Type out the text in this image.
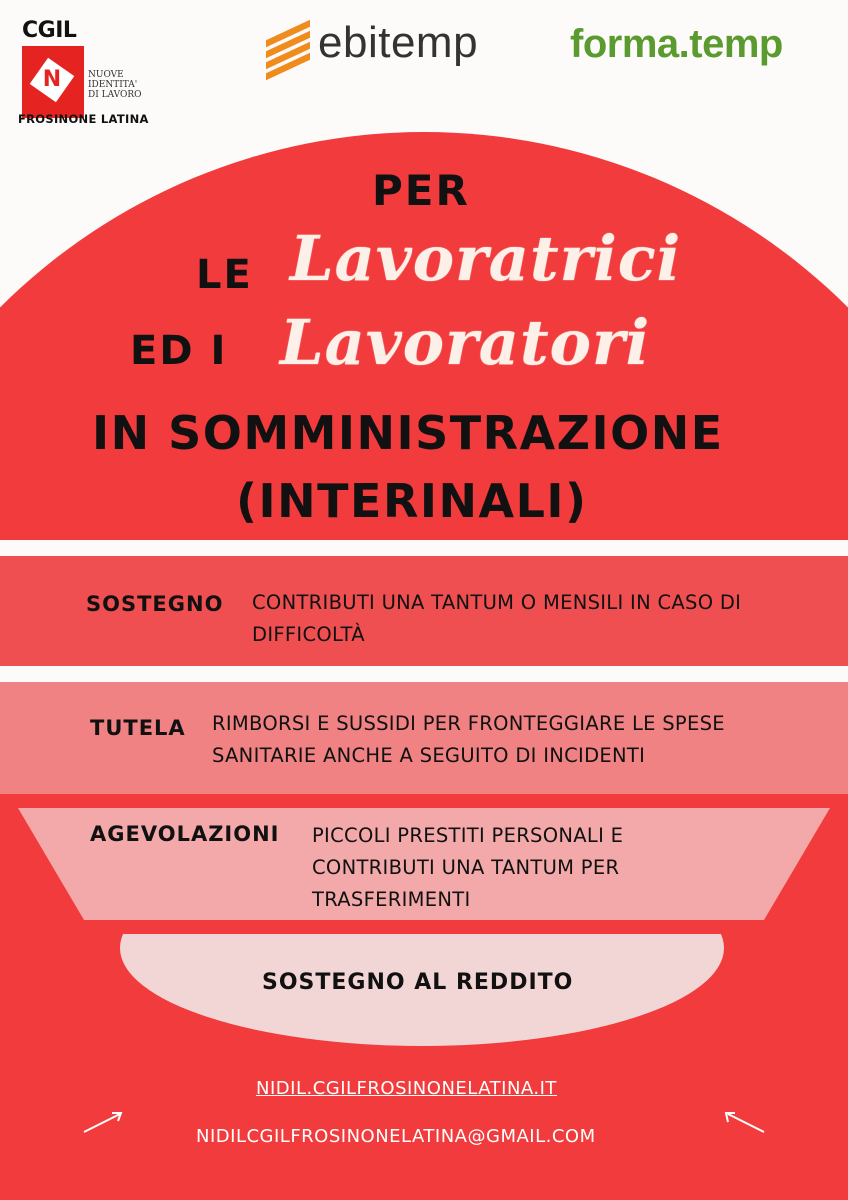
CGIL
N	NUOVE
IDENTITA'
DI LAVORO
FROSINONE LATINA
ebitemp forma.temp
PER
Lavoratrici
LE
Lavoratori
ED I
IN SOMMINISTRAZIONE
(INTERINALI)
SOSTEGNO CONTRIBUTI UNA TANTUM O MENSILI IN CASO DI DIFFICOLTÀ
TUTELA RIMBORSI E SUSSIDI PER FRONTEGGIARE LE SPESE SANITARIE ANCHE A SEGUITO DI INCIDENTI
AGEVOLAZIONI PICCOLI PRESTITI PERSONALI E CONTRIBUTI UNA TANTUM PER TRASFERIMENTI
SOSTEGNO AL REDDITO
NIDIL.CGILFROSINONELATINA.IT
NIDILCGILFROSINONELATINA@GMAIL.COM
